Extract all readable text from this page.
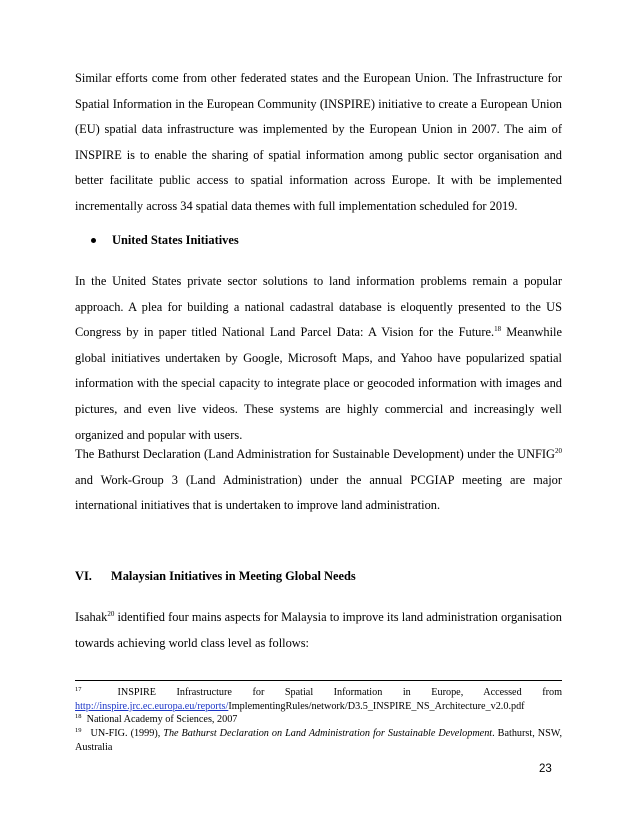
Similar efforts come from other federated states and the European Union. The Infrastructure for Spatial Information in the European Community (INSPIRE) initiative to create a European Union (EU) spatial data infrastructure was implemented by the European Union in 2007. The aim of INSPIRE is to enable the sharing of spatial information among public sector organisation and better facilitate public access to spatial information across Europe. It with be implemented incrementally across 34 spatial data themes with full implementation scheduled for 2019.

United States Initiatives

In the United States private sector solutions to land information problems remain a popular approach. A plea for building a national cadastral database is eloquently presented to the US Congress by in paper titled National Land Parcel Data: A Vision for the Future.$^{18}$ Meanwhile global initiatives undertaken by Google, Microsoft Maps, and Yahoo have popularized spatial information with the special capacity to integrate place or geocoded information with images and pictures, and even live videos. These systems are highly commercial and increasingly well organized and popular with users.

The Bathurst Declaration (Land Administration for Sustainable Development) under the UNFIG$^{20}$ and Work-Group 3 (Land Administration) under the annual PCGIAP meeting are major international initiatives that is undertaken to improve land administration.

VI. Malaysian Initiatives in Meeting Global Needs

Isahak$^{20}$ identified four mains aspects for Malaysia to improve its land administration organisation towards achieving world class level as follows:

$^{17}$	INSPIRE Infrastructure for Spatial Information in Europe, Accessed from

http://inspire.jrc.ec.europa.eu/reports/ImplementingRules/network/D3.5_INSPIRE_NS_Architecture_v2.0.pdf

$^{18}$ National Academy of Sciences, 2007

$^{19}$ UN-FIG. (1999), The Bathurst Declaration on Land Administration for Sustainable Development. Bathurst, NSW, Australia

23
